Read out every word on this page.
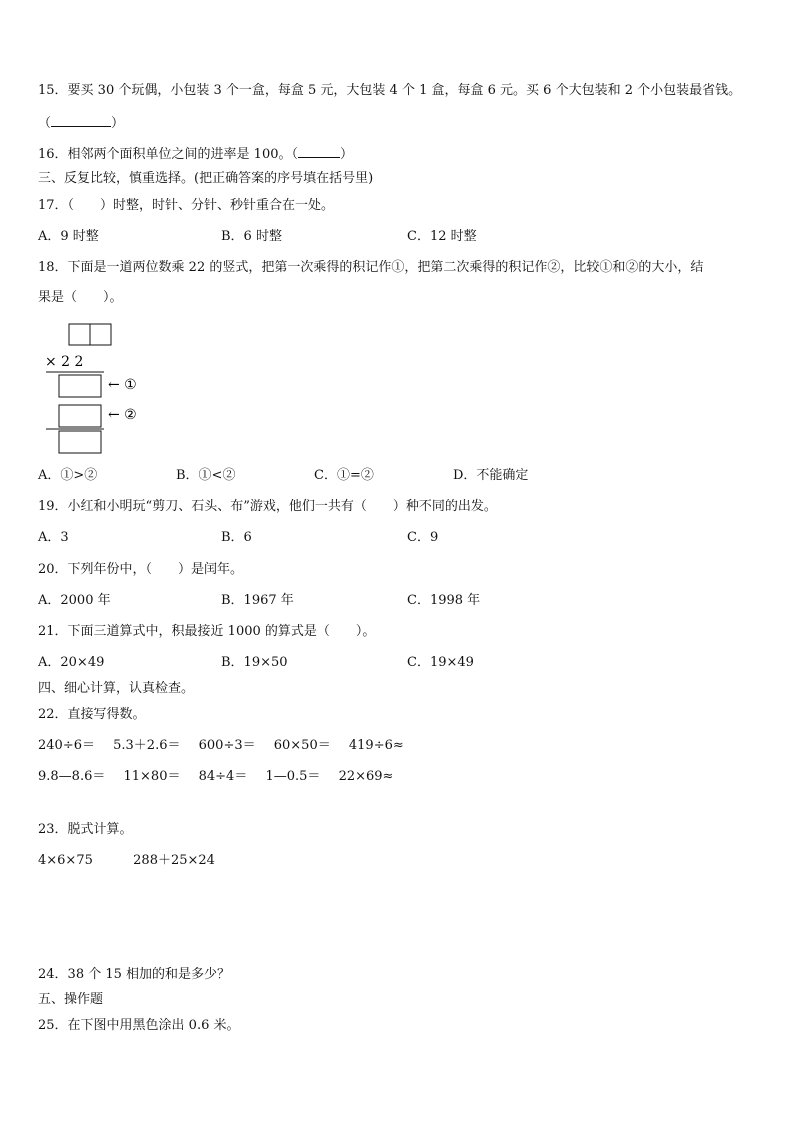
15．要买 30 个玩偶，小包装 3 个一盒，每盒 5 元，大包装 4 个 1 盒，每盒 6 元。买 6 个大包装和 2 个小包装最省钱。
（	）
16．相邻两个面积单位之间的进率是 100。（	）
三、反复比较，慎重选择。(把正确答案的序号填在括号里)
17．（　　）时整，时针、分针、秒针重合在一处。
A．9 时整	B．6 时整	C．12 时整
18．下面是一道两位数乘 22 的竖式，把第一次乘得的积记作①，把第二次乘得的积记作②，比较①和②的大小，结
果是（　　）。
× 2 2
← ①
← ②
A．①>②	B．①<②	C．①=②	D．不能确定
19．小红和小明玩“剪刀、石头、布”游戏，他们一共有（　　）种不同的出发。
A．3	B．6	C．9
20．下列年份中，（　　）是闰年。
A．2000 年	B．1967 年	C．1998 年
21．下面三道算式中，积最接近 1000 的算式是（　　）。
A．20×49	B．19×50	C．19×49
四、细心计算，认真检查。
22．直接写得数。
240÷6＝ 5.3＋2.6＝ 600÷3＝ 60×50＝ 419÷6≈
9.8—8.6＝ 11×80＝ 84÷4＝ 1—0.5＝ 22×69≈
23．脱式计算。
4×6×75	288＋25×24
24．38 个 15 相加的和是多少？
五、操作题
25．在下图中用黑色涂出 0.6 米。
